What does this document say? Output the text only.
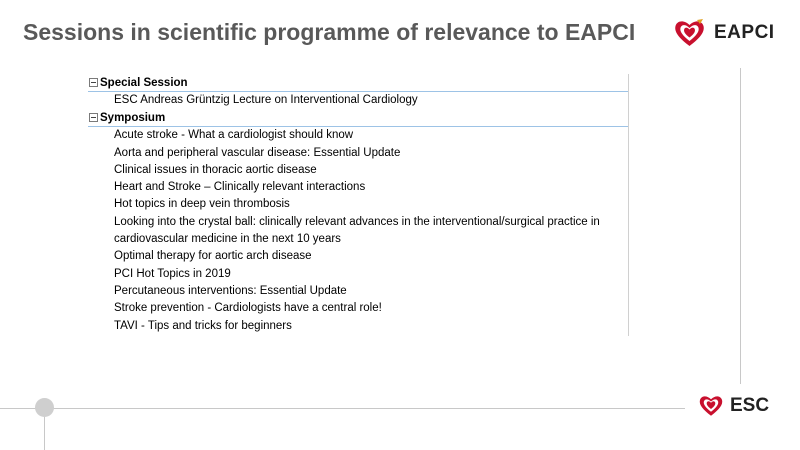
Sessions in scientific programme of relevance to EAPCI	EAPCI
Special Session
ESC Andreas Grüntzig Lecture on Interventional Cardiology
Symposium
Acute stroke - What a cardiologist should know
Aorta and peripheral vascular disease: Essential Update
Clinical issues in thoracic aortic disease
Heart and Stroke – Clinically relevant interactions
Hot topics in deep vein thrombosis
Looking into the crystal ball: clinically relevant advances in the interventional/surgical practice in cardiovascular medicine in the next 10 years
Optimal therapy for aortic arch disease
PCI Hot Topics in 2019
Percutaneous interventions: Essential Update
Stroke prevention - Cardiologists have a central role!
TAVI - Tips and tricks for beginners
ESC
